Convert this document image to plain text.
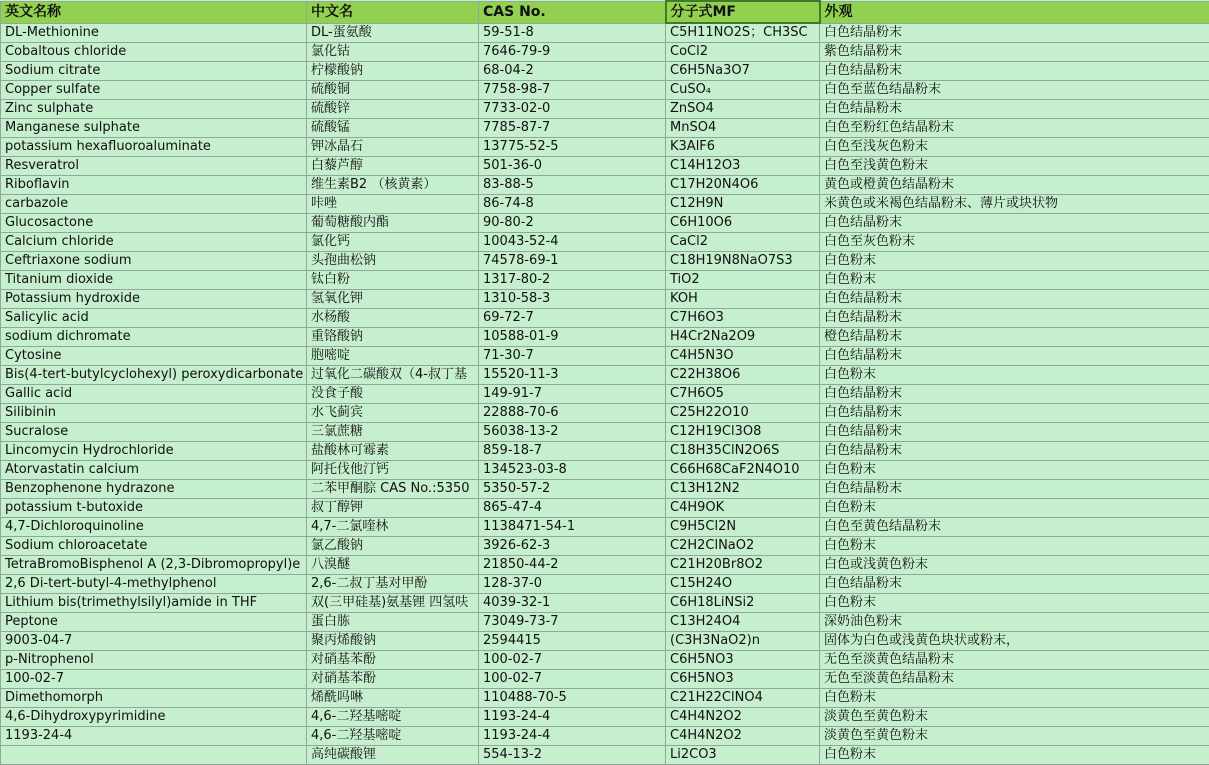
英文名称	中文名	CAS No.	分子式MF	外观
DL-Methionine	DL-蛋氨酸	59-51-8	C5H11NO2S；CH3SC	白色结晶粉末
Cobaltous chloride	氯化钴	7646-79-9	CoCl2	紫色结晶粉末
Sodium citrate	柠檬酸钠	68-04-2	C6H5Na3O7	白色结晶粉末
Copper sulfate	硫酸铜	7758-98-7	CuSO₄	白色至蓝色结晶粉末
Zinc sulphate	硫酸锌	7733-02-0	ZnSO4	白色结晶粉末
Manganese sulphate	硫酸锰	7785-87-7	MnSO4	白色至粉红色结晶粉末
potassium hexafluoroaluminate	钾冰晶石	13775-52-5	K3AlF6	白色至浅灰色粉末
Resveratrol	白藜芦醇	501-36-0	C14H12O3	白色至浅黄色粉末
Riboflavin	维生素B2 （核黄素）	83-88-5	C17H20N4O6	黄色或橙黄色结晶粉末
carbazole	咔唑	86-74-8	C12H9N	米黄色或米褐色结晶粉末、薄片或块状物
Glucosactone	葡萄糖酸内酯	90-80-2	C6H10O6	白色结晶粉末
Calcium chloride	氯化钙	10043-52-4	CaCl2	白色至灰色粉末
Ceftriaxone sodium	头孢曲松钠	74578-69-1	C18H19N8NaO7S3	白色粉末
Titanium dioxide	钛白粉	1317-80-2	TiO2	白色粉末
Potassium hydroxide	氢氧化钾	1310-58-3	KOH	白色结晶粉末
Salicylic acid	水杨酸	69-72-7	C7H6O3	白色结晶粉末
sodium dichromate	重铬酸钠	10588-01-9	H4Cr2Na2O9	橙色结晶粉末
Cytosine	胞嘧啶	71-30-7	C4H5N3O	白色结晶粉末
Bis(4-tert-butylcyclohexyl) peroxydicarbonate	过氧化二碳酸双（4-叔丁基	15520-11-3	C22H38O6	白色粉末
Gallic acid	没食子酸	149-91-7	C7H6O5	白色结晶粉末
Silibinin	水飞蓟宾	22888-70-6	C25H22O10	白色结晶粉末
Sucralose	三氯蔗糖	56038-13-2	C12H19Cl3O8	白色结晶粉末
Lincomycin Hydrochloride	盐酸林可霉素	859-18-7	C18H35ClN2O6S	白色结晶粉末
Atorvastatin calcium	阿托伐他汀钙	134523-03-8	C66H68CaF2N4O10	白色粉末
Benzophenone hydrazone	二苯甲酮腙 CAS No.:5350	5350-57-2	C13H12N2	白色结晶粉末
potassium t-butoxide	叔丁醇钾	865-47-4	C4H9OK	白色粉末
4,7-Dichloroquinoline	4,7-二氯喹林	1138471-54-1	C9H5Cl2N	白色至黄色结晶粉末
Sodium chloroacetate	氯乙酸钠	3926-62-3	C2H2ClNaO2	白色粉末
TetraBromoBisphenol A (2,3-Dibromopropyl)e	八溴醚	21850-44-2	C21H20Br8O2	白色或浅黄色粉末
2,6 Di-tert-butyl-4-methylphenol	2,6-二叔丁基对甲酚	128-37-0	C15H24O	白色结晶粉末
Lithium bis(trimethylsilyl)amide in THF	双(三甲硅基)氨基锂 四氢呋	4039-32-1	C6H18LiNSi2	白色粉末
Peptone	蛋白胨	73049-73-7	C13H24O4	深奶油色粉末
9003-04-7	聚丙烯酸钠	2594415	(C3H3NaO2)n	固体为白色或浅黄色块状或粉末，
p-Nitrophenol	对硝基苯酚	100-02-7	C6H5NO3	无色至淡黄色结晶粉末
100-02-7	对硝基苯酚	100-02-7	C6H5NO3	无色至淡黄色结晶粉末
Dimethomorph	烯酰吗啉	110488-70-5	C21H22ClNO4	白色粉末
4,6-Dihydroxypyrimidine	4,6-二羟基嘧啶	1193-24-4	C4H4N2O2	淡黄色至黄色粉末
1193-24-4	4,6-二羟基嘧啶	1193-24-4	C4H4N2O2	淡黄色至黄色粉末
	高纯碳酸锂	554-13-2	Li2CO3	白色粉末
